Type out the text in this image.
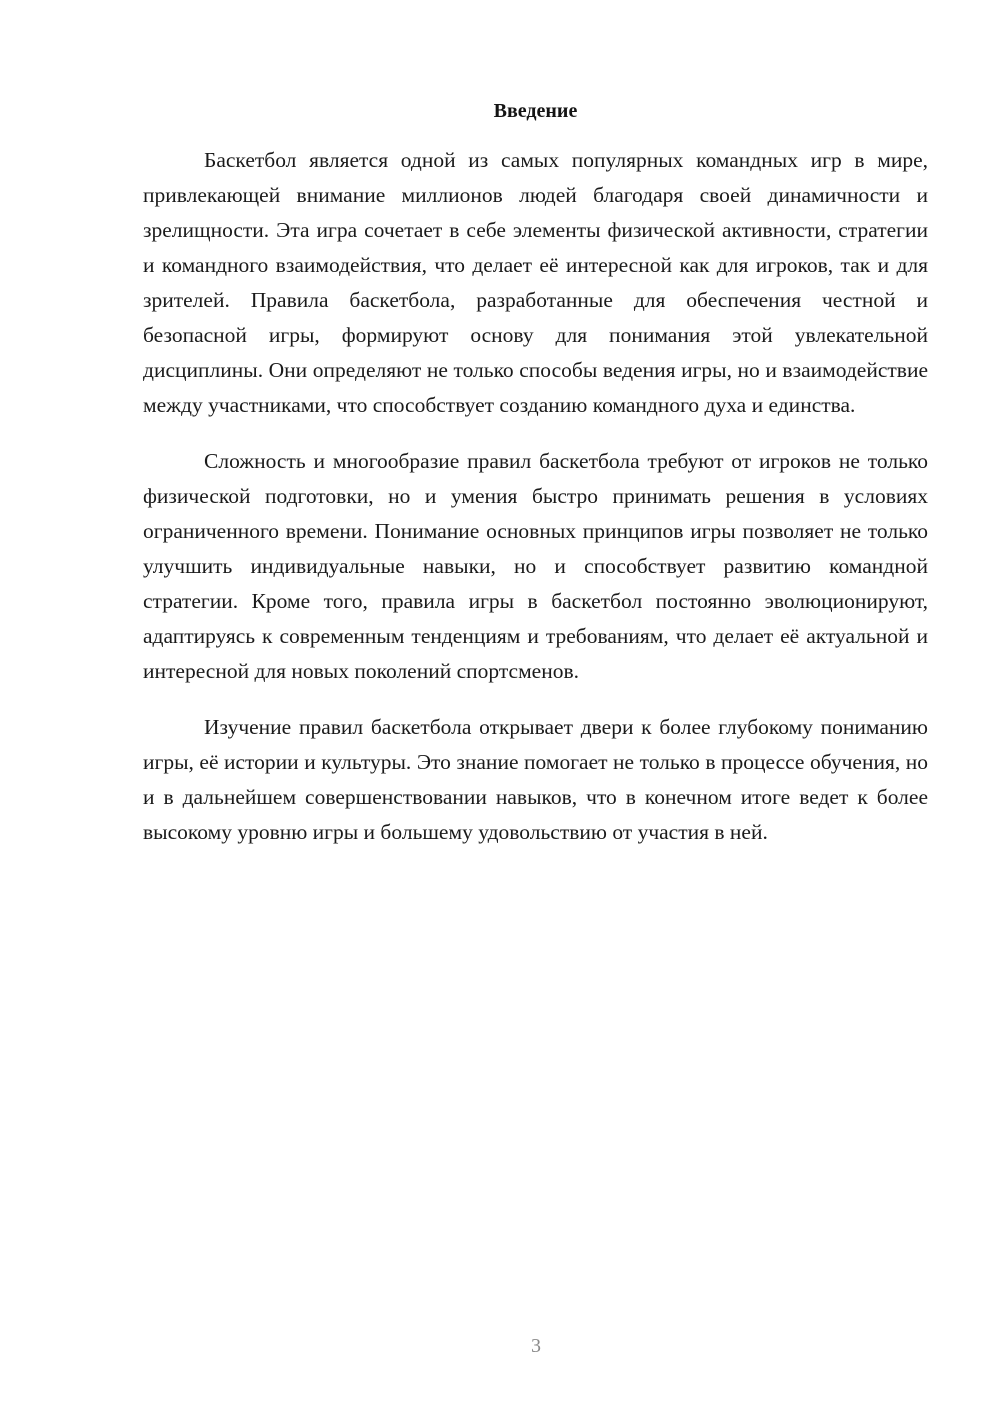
Введение

Баскетбол является одной из самых популярных командных игр в мире, привлекающей внимание миллионов людей благодаря своей динамичности и зрелищности. Эта игра сочетает в себе элементы физической активности, стратегии и командного взаимодействия, что делает её интересной как для игроков, так и для зрителей. Правила баскетбола, разработанные для обеспечения честной и безопасной игры, формируют основу для понимания этой увлекательной дисциплины. Они определяют не только способы ведения игры, но и взаимодействие между участниками, что способствует созданию командного духа и единства.

Сложность и многообразие правил баскетбола требуют от игроков не только физической подготовки, но и умения быстро принимать решения в условиях ограниченного времени. Понимание основных принципов игры позволяет не только улучшить индивидуальные навыки, но и способствует развитию командной стратегии. Кроме того, правила игры в баскетбол постоянно эволюционируют, адаптируясь к современным тенденциям и требованиям, что делает её актуальной и интересной для новых поколений спортсменов.

Изучение правил баскетбола открывает двери к более глубокому пониманию игры, её истории и культуры. Это знание помогает не только в процессе обучения, но и в дальнейшем совершенствовании навыков, что в конечном итоге ведет к более высокому уровню игры и большему удовольствию от участия в ней.

3
